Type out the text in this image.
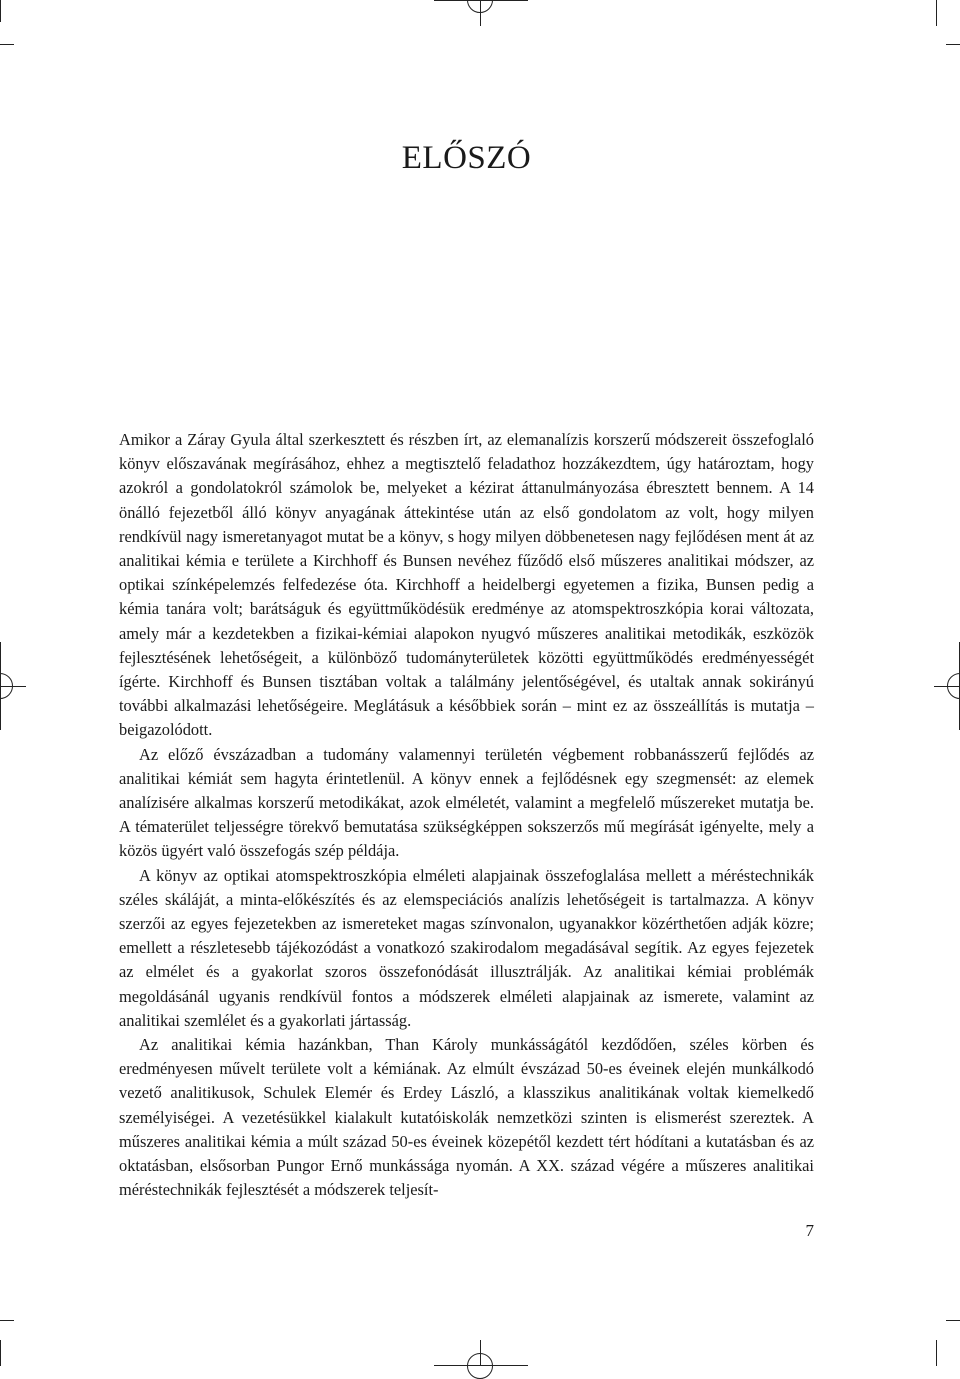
ELŐSZÓ

Amikor a Záray Gyula által szerkesztett és részben írt, az elemanalízis korszerű módszereit összefoglaló könyv előszavának megírásához, ehhez a megtisztelő feladathoz hozzákezdtem, úgy határoztam, hogy azokról a gondolatokról számolok be, melyeket a kézirat áttanulmányozása ébresztett bennem. A 14 önálló fejezetből álló könyv anyagának áttekintése után az első gondolatom az volt, hogy milyen rendkívül nagy ismeretanyagot mutat be a könyv, s hogy milyen döbbenetesen nagy fejlődésen ment át az analitikai kémia e területe a Kirchhoff és Bunsen nevéhez fűződő első műszeres analitikai módszer, az optikai színképelemzés felfedezése óta. Kirchhoff a heidelbergi egyetemen a fizika, Bunsen pedig a kémia tanára volt; barátságuk és együttműködésük eredménye az atomspektroszkópia korai változata, amely már a kezdetekben a fizikai-kémiai alapokon nyugvó műszeres analitikai metodikák, eszközök fejlesztésének lehetőségeit, a különböző tudományterületek közötti együttműködés eredményességét ígérte. Kirchhoff és Bunsen tisztában voltak a találmány jelentőségével, és utaltak annak sokirányú további alkalmazási lehetőségeire. Meglátásuk a későbbiek során – mint ez az összeállítás is mutatja – beigazolódott.

Az előző évszázadban a tudomány valamennyi területén végbement robbanásszerű fejlődés az analitikai kémiát sem hagyta érintetlenül. A könyv ennek a fejlődésnek egy szegmensét: az elemek analízisére alkalmas korszerű metodikákat, azok elméletét, valamint a megfelelő műszereket mutatja be. A tématerület teljességre törekvő bemutatása szükségképpen sokszerzős mű megírását igényelte, mely a közös ügyért való összefogás szép példája.

A könyv az optikai atomspektroszkópia elméleti alapjainak összefoglalása mellett a méréstechnikák széles skáláját, a minta-előkészítés és az elemspeciációs analízis lehetőségeit is tartalmazza. A könyv szerzői az egyes fejezetekben az ismereteket magas színvonalon, ugyanakkor közérthetően adják közre; emellett a részletesebb tájékozódást a vonatkozó szakirodalom megadásával segítik. Az egyes fejezetek az elmélet és a gyakorlat szoros összefonódását illusztrálják. Az analitikai kémiai problémák megoldásánál ugyanis rendkívül fontos a módszerek elméleti alapjainak az ismerete, valamint az analitikai szemlélet és a gyakorlati jártasság.

Az analitikai kémia hazánkban, Than Károly munkásságától kezdődően, széles körben és eredményesen művelt területe volt a kémiának. Az elmúlt évszázad 50-es éveinek elején munkálkodó vezető analitikusok, Schulek Elemér és Erdey László, a klasszikus analitikának voltak kiemelkedő személyiségei. A vezetésükkel kialakult kutatóiskolák nemzetközi szinten is elismerést szereztek. A műszeres analitikai kémia a múlt század 50-es éveinek közepétől kezdett tért hódítani a kutatásban és az oktatásban, elsősorban Pungor Ernő munkássága nyomán. A XX. század végére a műszeres analitikai méréstechnikák fejlesztését a módszerek teljesít-

7
